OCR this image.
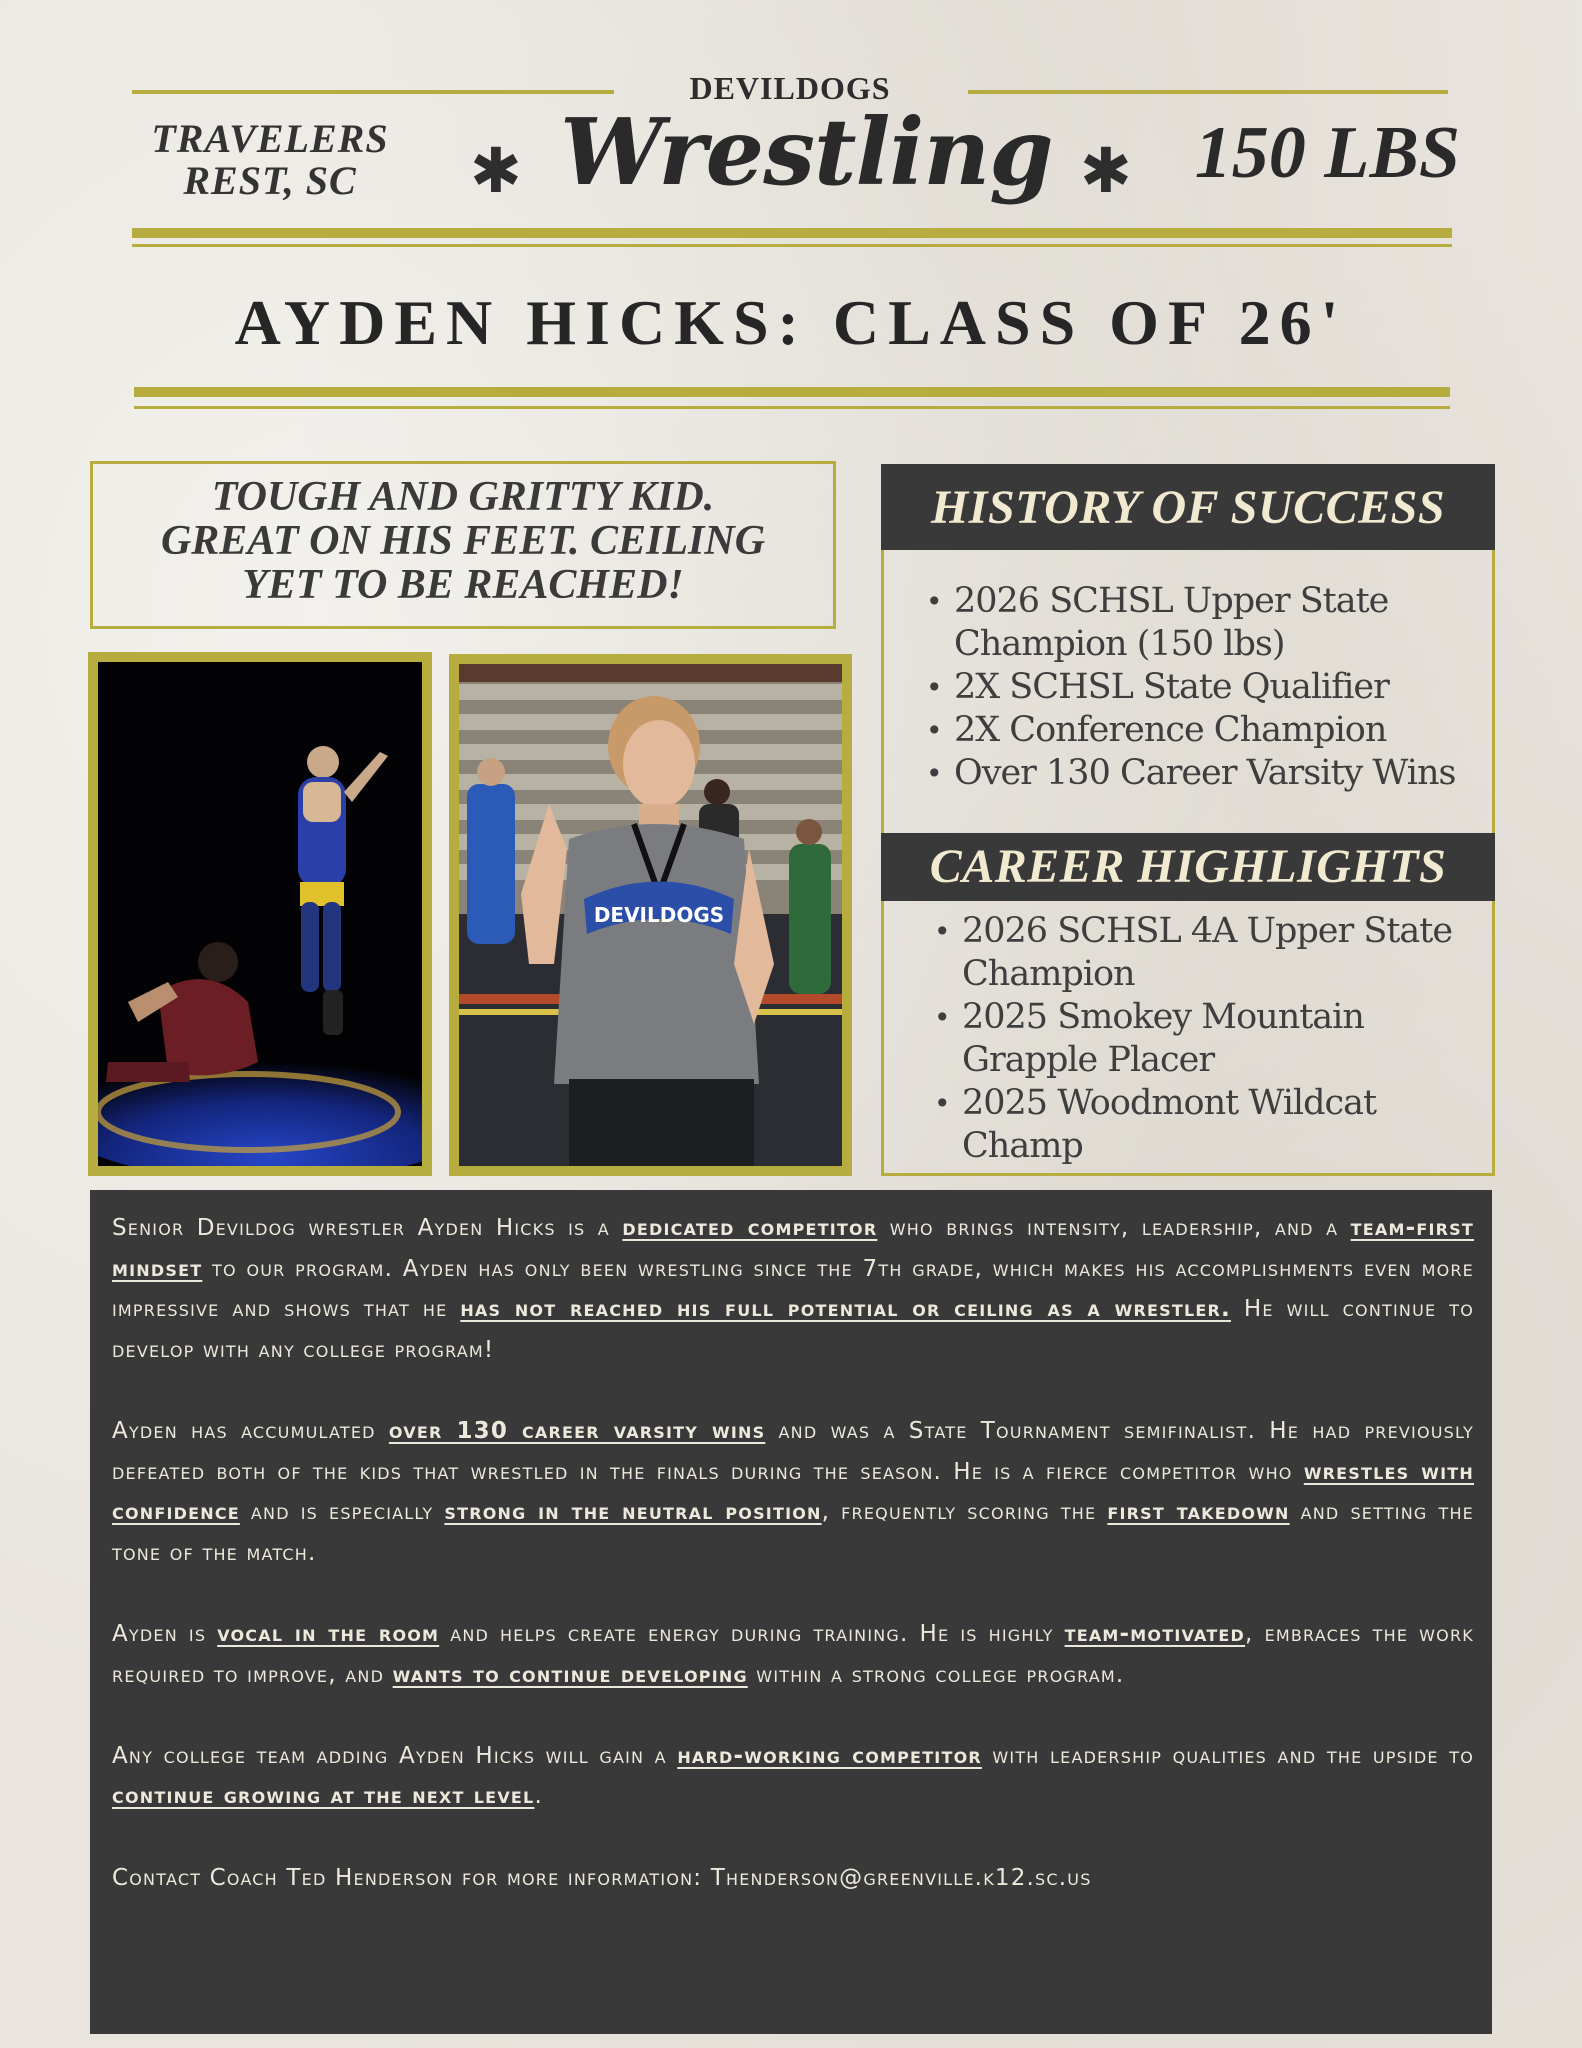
DEVILDOGS
Wrestling
TRAVELERS
REST, SC	✱	✱ 150 LBS
AYDEN HICKS: CLASS OF 26'
TOUGH AND GRITTY KID.
GREAT ON HIS FEET. CEILING
YET TO BE REACHED!
DEVILDOGS
HISTORY OF SUCCESS
• 2026 SCHSL Upper State Champion (150 lbs)
• 2X SCHSL State Qualifier
• 2X Conference Champion
• Over 130 Career Varsity Wins
CAREER HIGHLIGHTS
• 2026 SCHSL 4A Upper State Champion
• 2025 Smokey Mountain Grapple Placer
• 2025 Woodmont Wildcat Champ

Senior Devildog wrestler Ayden Hicks is a dedicated competitor who brings intensity, leadership, and a team-first mindset to our program. Ayden has only been wrestling since the 7th grade, which makes his accomplishments even more impressive and shows that he has not reached his full potential or ceiling as a wrestler. He will continue to develop with any college program!

Ayden has accumulated over 130 career varsity wins and was a State Tournament semifinalist. He had previously defeated both of the kids that wrestled in the finals during the season. He is a fierce competitor who wrestles with confidence and is especially strong in the neutral position, frequently scoring the first takedown and setting the tone of the match.

Ayden is vocal in the room and helps create energy during training. He is highly team-motivated, embraces the work required to improve, and wants to continue developing within a strong college program.

Any college team adding Ayden Hicks will gain a hard-working competitor with leadership qualities and the upside to continue growing at the next level.

Contact Coach Ted Henderson for more information: Thenderson@greenville.k12.sc.us
